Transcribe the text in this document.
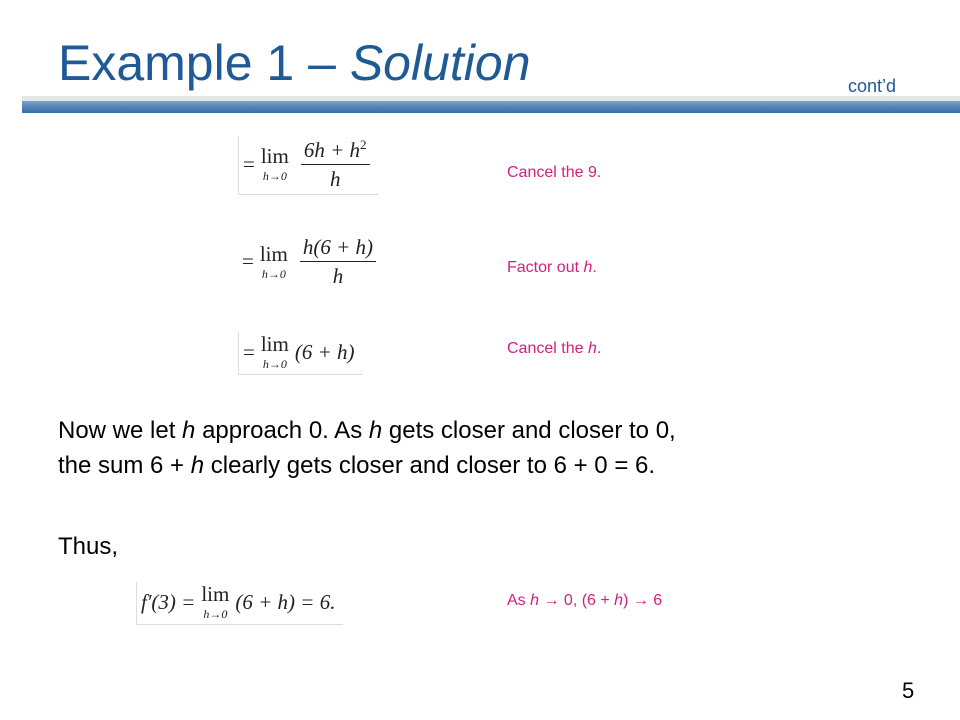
Example 1 – Solution	cont’d
= lim
$h\to 0 \frac{6h + h^2}{h}$	Cancel the 9.
= lim
$h\to 0 \frac{h(6 + h)}{h}$	Factor out h.
= lim
h→0
(6 + h)	Cancel the h.
Now we let h approach 0. As h gets closer and closer to 0,
the sum 6 + h clearly gets closer and closer to 6 + 0 = 6.
Thus,
f′(3) = lim
h→0
(6 + h) = 6.	As h → 0, (6 + h) → 6
5
